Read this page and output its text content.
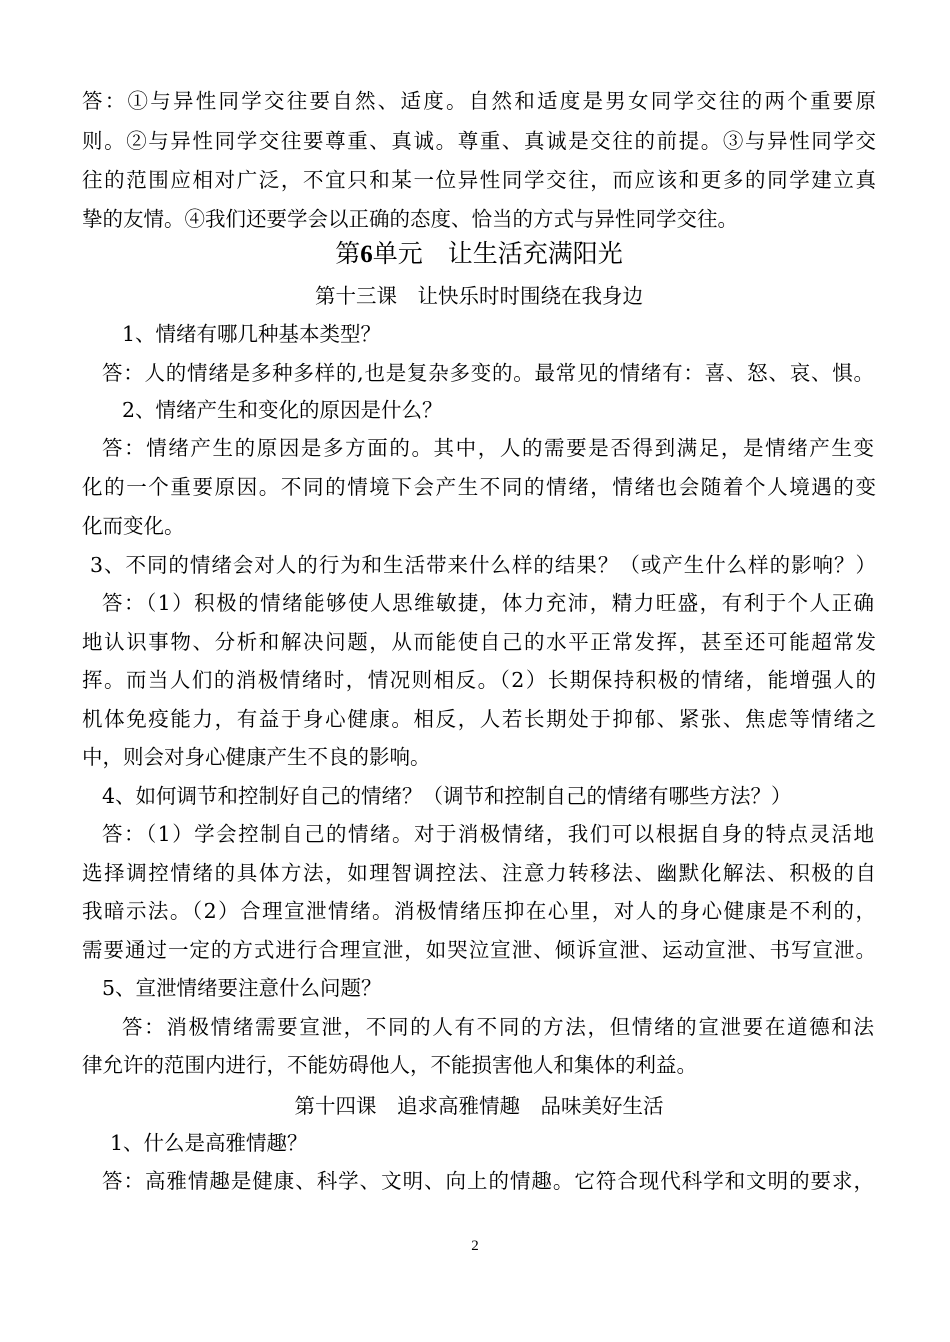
答：①与异性同学交往要自然、适度。自然和适度是男女同学交往的两个重要原
则。②与异性同学交往要尊重、真诚。尊重、真诚是交往的前提。③与异性同学交
往的范围应相对广泛，不宜只和某一位异性同学交往，而应该和更多的同学建立真
挚的友情。④我们还要学会以正确的态度、恰当的方式与异性同学交往。
第6单元　让生活充满阳光
第十三课　让快乐时时围绕在我身边
1、情绪有哪几种基本类型？
答：人的情绪是多种多样的,也是复杂多变的。最常见的情绪有：喜、怒、哀、惧。
2、情绪产生和变化的原因是什么？
答：情绪产生的原因是多方面的。其中，人的需要是否得到满足，是情绪产生变
化的一个重要原因。不同的情境下会产生不同的情绪，情绪也会随着个人境遇的变
化而变化。
3、不同的情绪会对人的行为和生活带来什么样的结果？（或产生什么样的影响？）
答：（1）积极的情绪能够使人思维敏捷，体力充沛，精力旺盛，有利于个人正确
地认识事物、分析和解决问题，从而能使自己的水平正常发挥，甚至还可能超常发
挥。而当人们的消极情绪时，情况则相反。（2）长期保持积极的情绪，能增强人的
机体免疫能力，有益于身心健康。相反，人若长期处于抑郁、紧张、焦虑等情绪之
中，则会对身心健康产生不良的影响。
4、如何调节和控制好自己的情绪？（调节和控制自己的情绪有哪些方法？）
答：（1）学会控制自己的情绪。对于消极情绪，我们可以根据自身的特点灵活地
选择调控情绪的具体方法，如理智调控法、注意力转移法、幽默化解法、积极的自
我暗示法。（2）合理宣泄情绪。消极情绪压抑在心里，对人的身心健康是不利的，
需要通过一定的方式进行合理宣泄，如哭泣宣泄、倾诉宣泄、运动宣泄、书写宣泄。
5、宣泄情绪要注意什么问题？
答：消极情绪需要宣泄，不同的人有不同的方法，但情绪的宣泄要在道德和法
律允许的范围内进行，不能妨碍他人，不能损害他人和集体的利益。
第十四课　追求高雅情趣　品味美好生活
1、什么是高雅情趣？
答：高雅情趣是健康、科学、文明、向上的情趣。它符合现代科学和文明的要求，
2
